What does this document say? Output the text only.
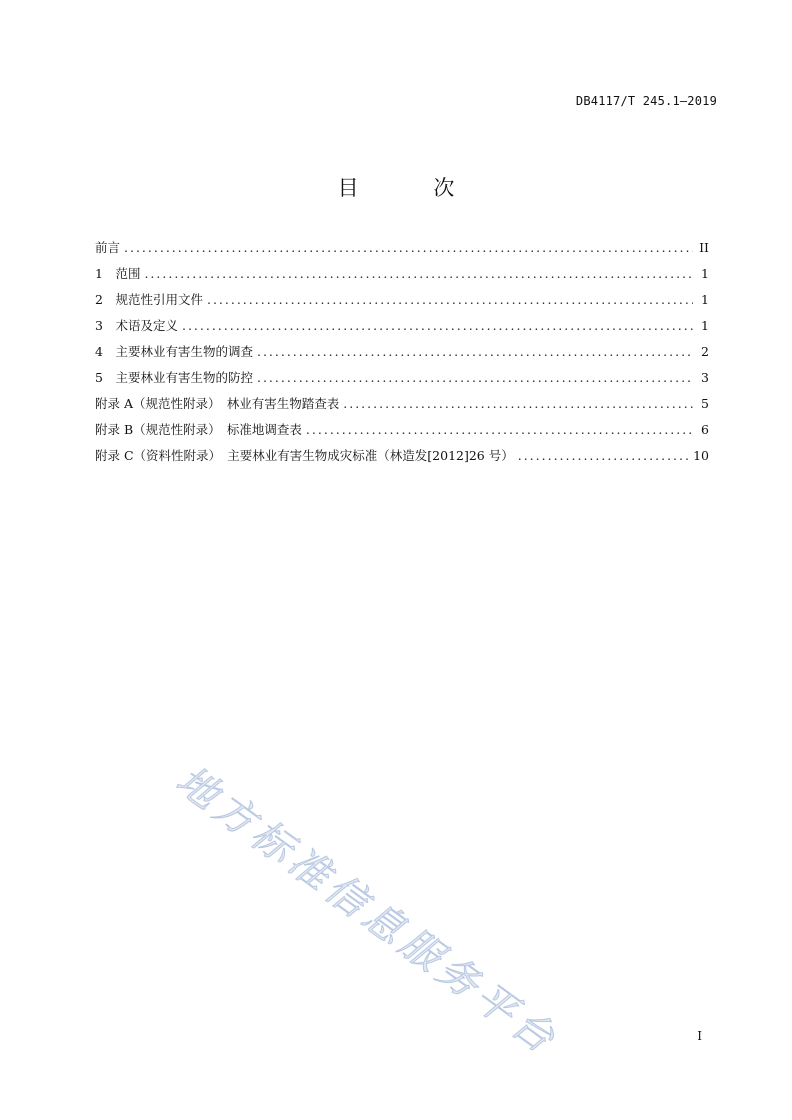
DB4117/T 245.1—2019
目 次
前言 .....	II
1　范围 .....	1
2　规范性引用文件 .....	1
3　术语及定义 .....	1
4　主要林业有害生物的调查 .....	2
5　主要林业有害生物的防控 .....	3
附录 A（规范性附录）　林业有害生物踏查表 .....	5
附录 B（规范性附录）　标准地调查表 .....	6
附录 C（资料性附录）　主要林业有害生物成灾标准（林造发[2012]26 号） .....	10
地方标准信息服务平台	I
